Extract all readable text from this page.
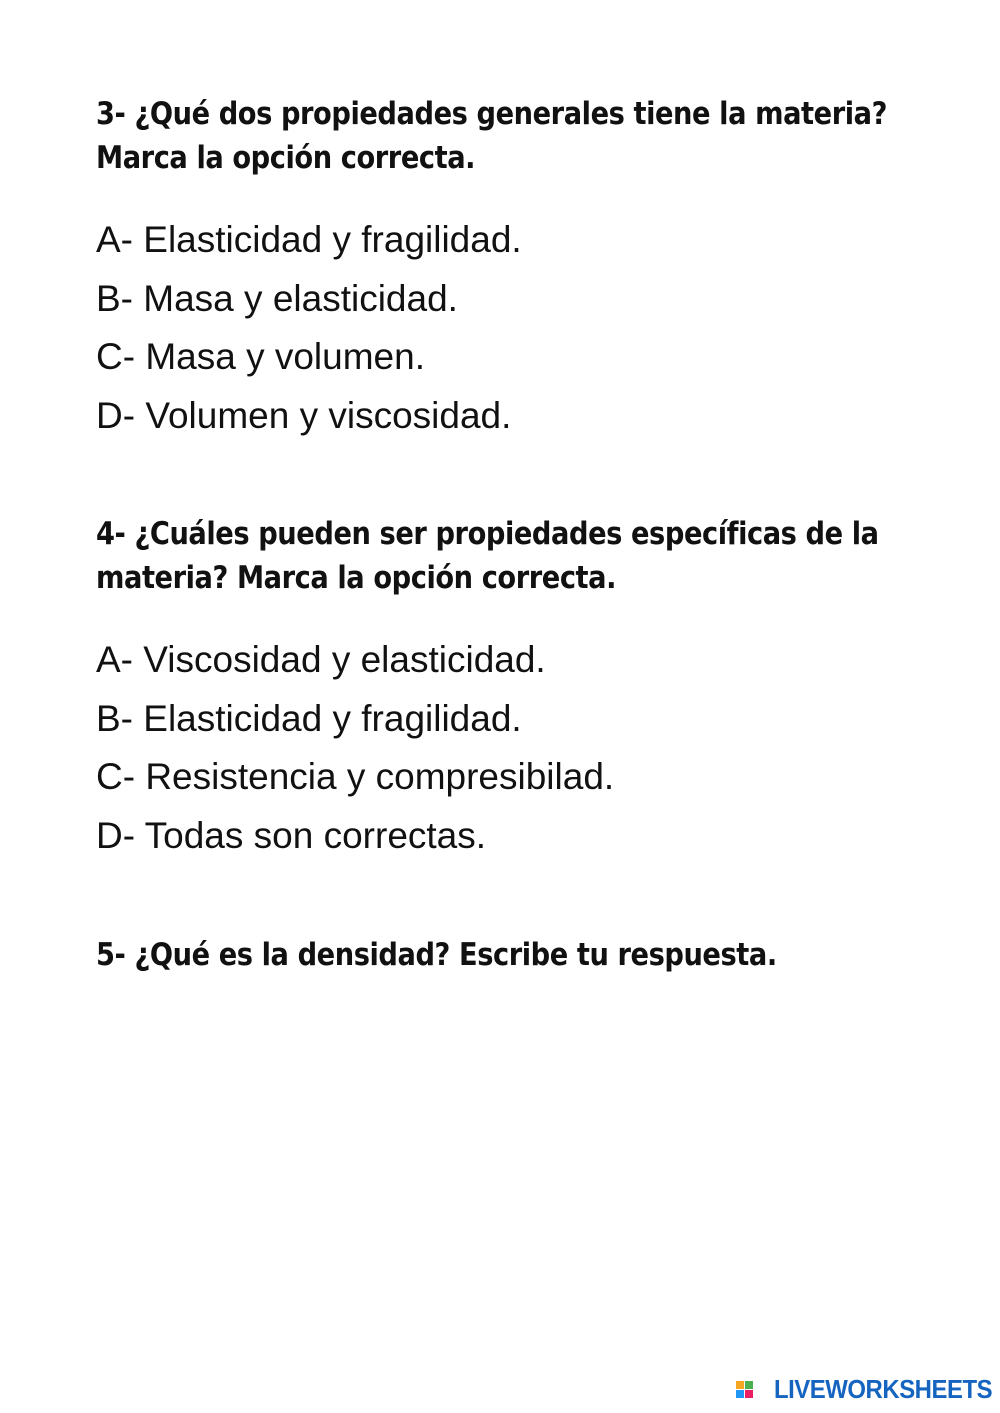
3- ¿Qué dos propiedades generales tiene la materia?
Marca la opción correcta.
A- Elasticidad y fragilidad.
B- Masa y elasticidad.
C- Masa y volumen.
D- Volumen y viscosidad.
4- ¿Cuáles pueden ser propiedades específicas de la
materia? Marca la opción correcta.
A- Viscosidad y elasticidad.
B- Elasticidad y fragilidad.
C- Resistencia y compresibilad.
D- Todas son correctas.
5- ¿Qué es la densidad? Escribe tu respuesta.
LIVEWORKSHEETS
